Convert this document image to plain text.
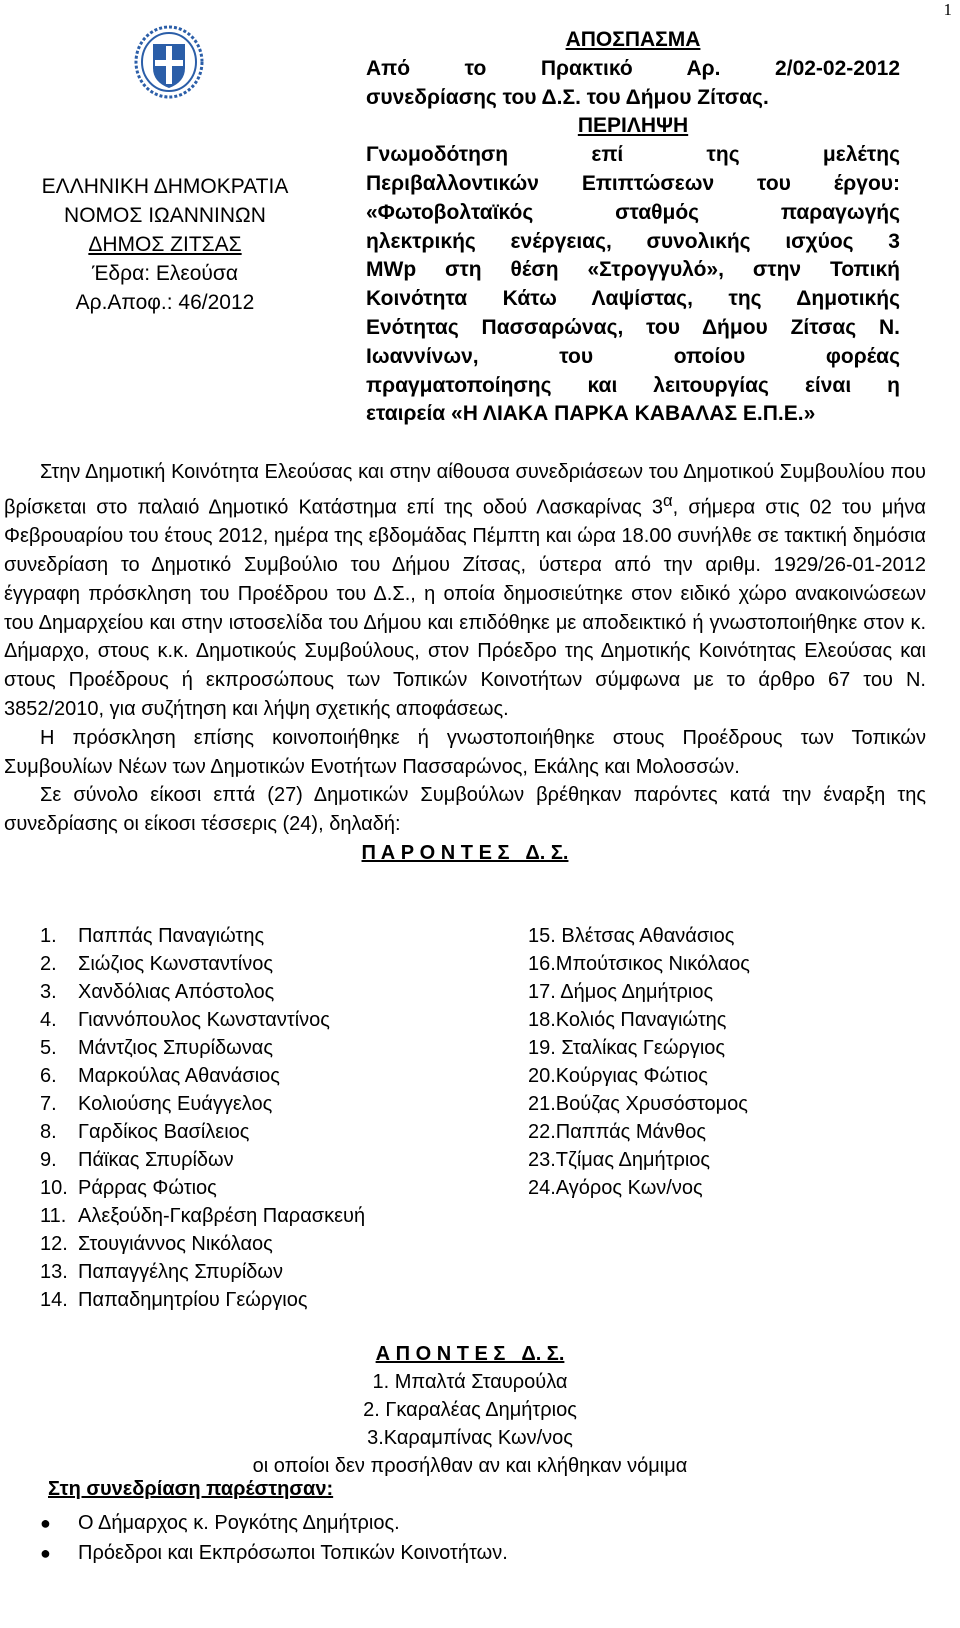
1
ΕΛΛΗΝΙΚΗ ΔΗΜΟΚΡΑΤΙΑ
ΝΟΜΟΣ ΙΩΑΝΝΙΝΩΝ
ΔΗΜΟΣ ΖΙΤΣΑΣ
Έδρα: Ελεούσα
Αρ.Αποφ.: 46/2012
ΑΠΟΣΠΑΣΜΑ
Από το Πρακτικό Αρ. 2/02-02-2012
συνεδρίασης του Δ.Σ. του Δήμου Ζίτσας.
ΠΕΡΙΛΗΨΗ
Γνωμοδότηση επί της μελέτης
Περιβαλλοντικών Επιπτώσεων του έργου:
«Φωτοβολταϊκός σταθμός παραγωγής
ηλεκτρικής ενέργειας, συνολικής ισχύος 3
MWp στη θέση «Στρογγυλό», στην Τοπική
Κοινότητα Κάτω Λαψίστας, της Δημοτικής
Ενότητας Πασσαρώνας, του Δήμου Ζίτσας Ν.
Ιωαννίνων, του οποίου φορέας
πραγματοποίησης και λειτουργίας είναι η
εταιρεία «Η ΛΙΑΚΑ ΠΑΡΚΑ ΚΑΒΑΛΑΣ Ε.Π.Ε.»
Στην Δημοτική Κοινότητα Ελεούσας και στην αίθουσα συνεδριάσεων του Δημοτικού Συμβουλίου που βρίσκεται στο παλαιό Δημοτικό Κατάστημα επί της οδού Λασκαρίνας $3^\alpha$, σήμερα στις 02 του μήνα Φεβρουαρίου του έτους 2012, ημέρα της εβδομάδας Πέμπτη και ώρα 18.00 συνήλθε σε τακτική δημόσια συνεδρίαση το Δημοτικό Συμβούλιο του Δήμου Ζίτσας, ύστερα από την αριθμ. 1929/26-01-2012 έγγραφη πρόσκληση του Προέδρου του Δ.Σ., η οποία δημοσιεύτηκε στον ειδικό χώρο ανακοινώσεων του Δημαρχείου και στην ιστοσελίδα του Δήμου και επιδόθηκε με αποδεικτικό ή γνωστοποιήθηκε στον κ. Δήμαρχο, στους κ.κ. Δημοτικούς Συμβούλους, στον Πρόεδρο της Δημοτικής Κοινότητας Ελεούσας και στους Προέδρους ή εκπροσώπους των Τοπικών Κοινοτήτων σύμφωνα με το άρθρο 67 του Ν. 3852/2010, για συζήτηση και λήψη σχετικής αποφάσεως.
Η πρόσκληση επίσης κοινοποιήθηκε ή γνωστοποιήθηκε στους Προέδρους των Τοπικών Συμβουλίων Νέων των Δημοτικών Ενοτήτων Πασσαρώνος, Εκάλης και Μολοσσών.
Σε σύνολο είκοσι επτά (27) Δημοτικών Συμβούλων βρέθηκαν παρόντες κατά την έναρξη της συνεδρίασης οι είκοσι τέσσερις (24), δηλαδή:
Π Α Ρ Ο Ν Τ Ε Σ   Δ. Σ.
1. Παππάς Παναγιώτης
2. Σιώζιος Κωνσταντίνος
3. Χανδόλιας Απόστολος
4. Γιαννόπουλος Κωνσταντίνος
5. Μάντζιος Σπυρίδωνας
6. Μαρκούλας Αθανάσιος
7. Κολιούσης Ευάγγελος
8. Γαρδίκος Βασίλειος
9. Πάϊκας Σπυρίδων
10. Ράρρας Φώτιος
11. Αλεξούδη-Γκαβρέση Παρασκευή
12. Στουγιάννος Νικόλαος
13. Παπαγγέλης Σπυρίδων
14. Παπαδημητρίου Γεώργιος
15. Βλέτσας Αθανάσιος
16.Μπούτσικος Νικόλαος
17. Δήμος Δημήτριος
18.Κολιός Παναγιώτης
19. Σταλίκας Γεώργιος
20.Κούργιας Φώτιος
21.Βούζας Χρυσόστομος
22.Παππάς Μάνθος
23.Τζίμας Δημήτριος
24.Αγόρος Κων/νος
Α Π Ο Ν Τ Ε Σ   Δ. Σ.
1. Μπαλτά Σταυρούλα
2. Γκαραλέας Δημήτριος
3.Καραμπίνας Κων/νος
οι οποίοι δεν προσήλθαν αν και κλήθηκαν νόμιμα
Στη συνεδρίαση παρέστησαν:
● Ο Δήμαρχος κ. Ρογκότης Δημήτριος.
● Πρόεδροι και Εκπρόσωποι Τοπικών Κοινοτήτων.
